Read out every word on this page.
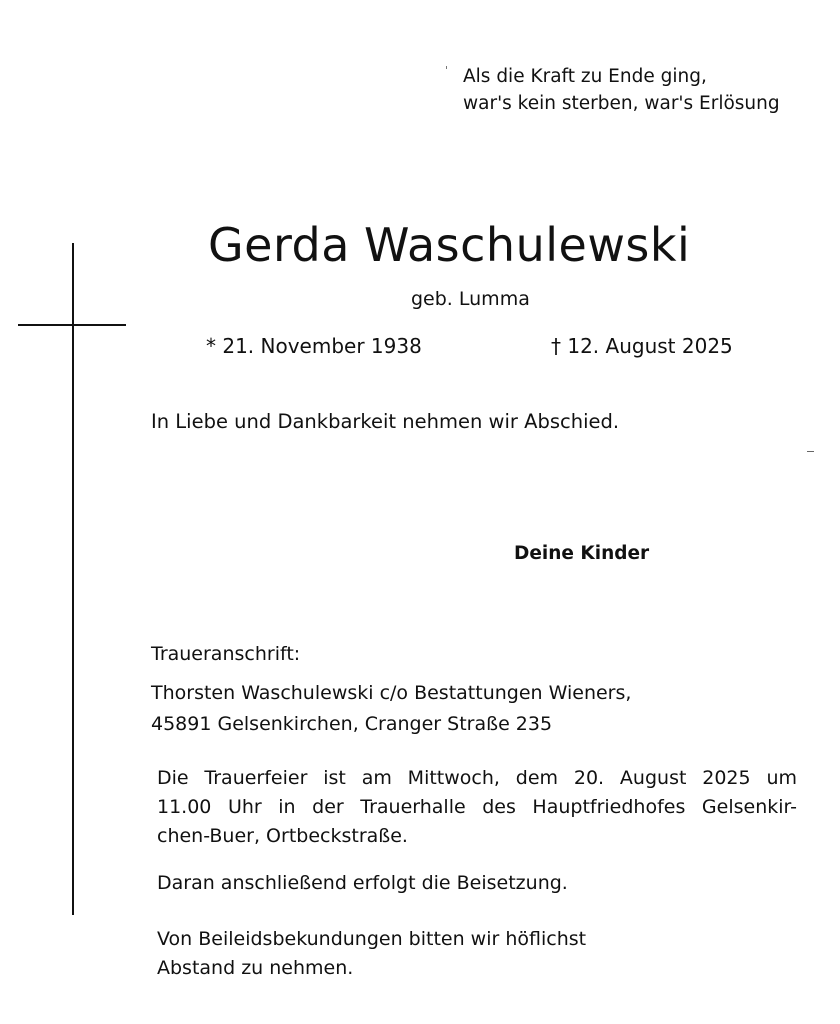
Als die Kraft zu Ende ging,
war's kein sterben, war's Erlösung
Gerda Waschulewski
geb. Lumma
* 21. November 1938	† 12. August 2025
In Liebe und Dankbarkeit nehmen wir Abschied.
Deine Kinder
Traueranschrift:
Thorsten Waschulewski c/o Bestattungen Wieners,
45891 Gelsenkirchen, Cranger Straße 235
Die Trauerfeier ist am Mittwoch, dem 20. August 2025 um
11.00 Uhr in der Trauerhalle des Hauptfriedhofes Gelsenkir-
chen-Buer, Ortbeckstraße.
Daran anschließend erfolgt die Beisetzung.
Von Beileidsbekundungen bitten wir höflichst
Abstand zu nehmen.
